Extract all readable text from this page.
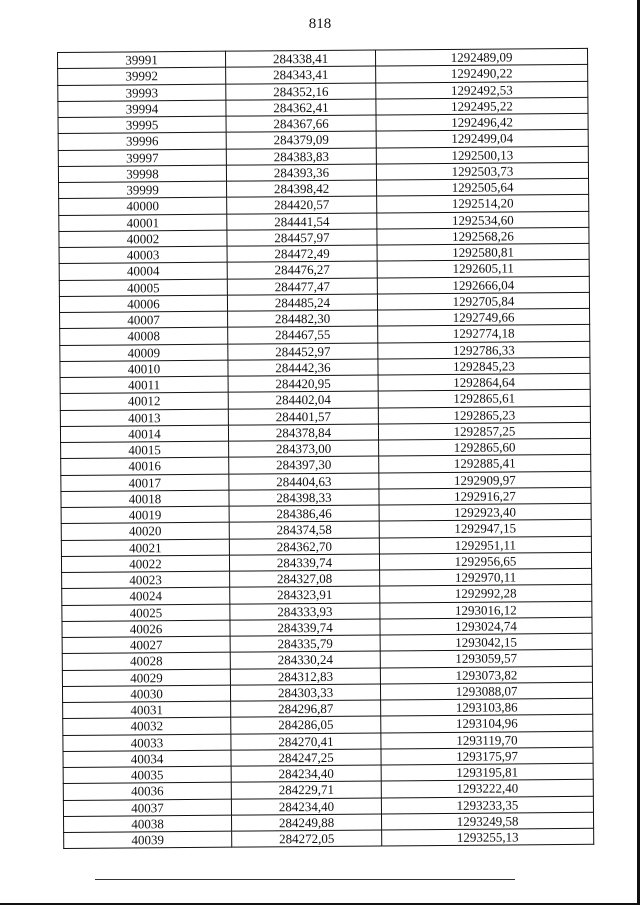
818
39991	284338,41	1292489,09
39992	284343,41	1292490,22
39993	284352,16	1292492,53
39994	284362,41	1292495,22
39995	284367,66	1292496,42
39996	284379,09	1292499,04
39997	284383,83	1292500,13
39998	284393,36	1292503,73
39999	284398,42	1292505,64
40000	284420,57	1292514,20
40001	284441,54	1292534,60
40002	284457,97	1292568,26
40003	284472,49	1292580,81
40004	284476,27	1292605,11
40005	284477,47	1292666,04
40006	284485,24	1292705,84
40007	284482,30	1292749,66
40008	284467,55	1292774,18
40009	284452,97	1292786,33
40010	284442,36	1292845,23
40011	284420,95	1292864,64
40012	284402,04	1292865,61
40013	284401,57	1292865,23
40014	284378,84	1292857,25
40015	284373,00	1292865,60
40016	284397,30	1292885,41
40017	284404,63	1292909,97
40018	284398,33	1292916,27
40019	284386,46	1292923,40
40020	284374,58	1292947,15
40021	284362,70	1292951,11
40022	284339,74	1292956,65
40023	284327,08	1292970,11
40024	284323,91	1292992,28
40025	284333,93	1293016,12
40026	284339,74	1293024,74
40027	284335,79	1293042,15
40028	284330,24	1293059,57
40029	284312,83	1293073,82
40030	284303,33	1293088,07
40031	284296,87	1293103,86
40032	284286,05	1293104,96
40033	284270,41	1293119,70
40034	284247,25	1293175,97
40035	284234,40	1293195,81
40036	284229,71	1293222,40
40037	284234,40	1293233,35
40038	284249,88	1293249,58
40039	284272,05	1293255,13
